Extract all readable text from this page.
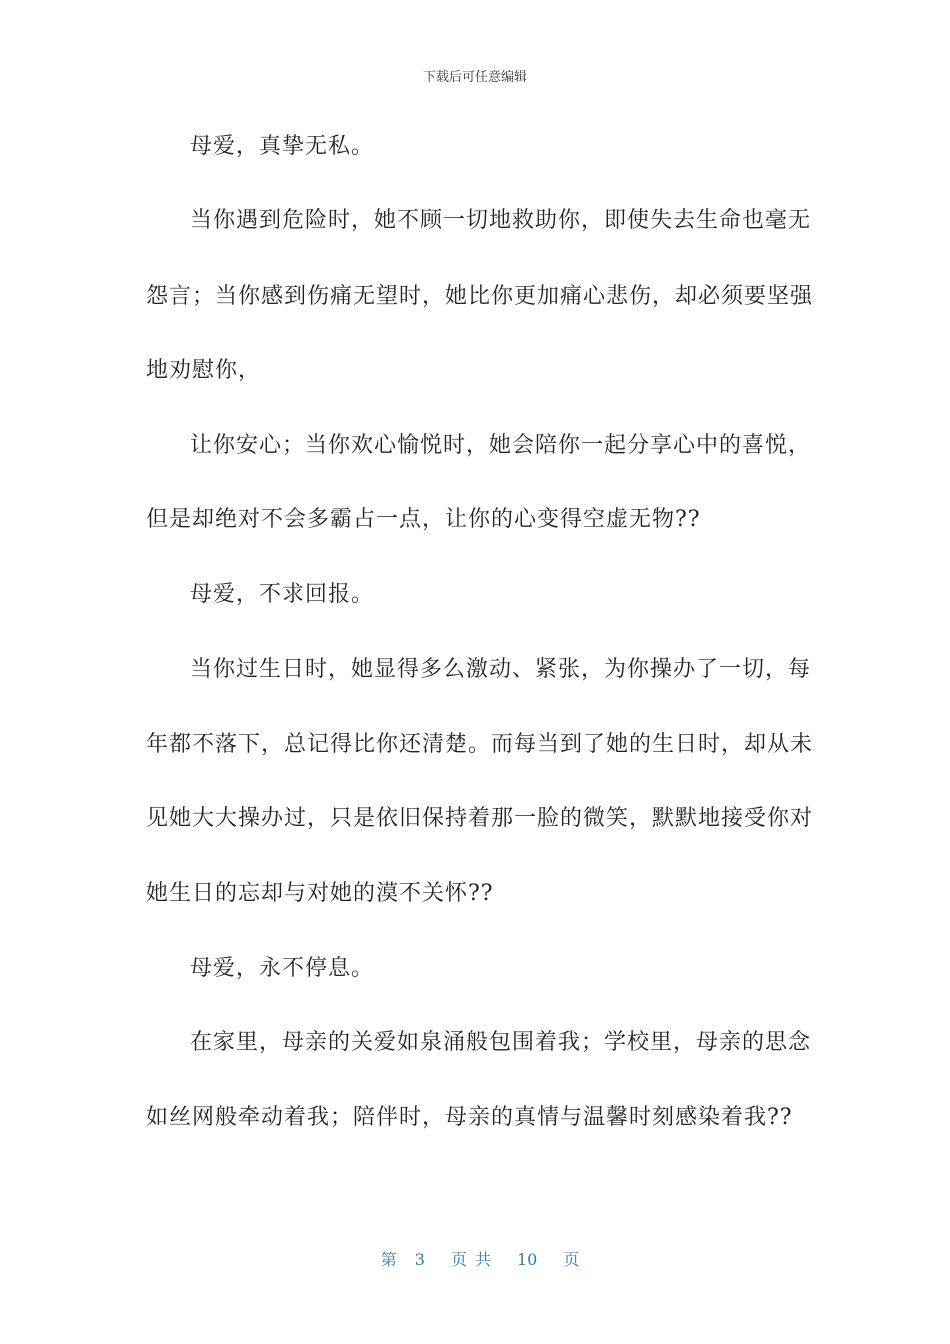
下载后可任意编辑
母爱，真挚无私。
当你遇到危险时，她不顾一切地救助你，即使失去生命也毫无
怨言；当你感到伤痛无望时，她比你更加痛心悲伤，却必须要坚强
地劝慰你，
让你安心；当你欢心愉悦时，她会陪你一起分享心中的喜悦，
但是却绝对不会多霸占一点，让你的心变得空虚无物??
母爱，不求回报。
当你过生日时，她显得多么激动、紧张，为你操办了一切，每
年都不落下，总记得比你还清楚。而每当到了她的生日时，却从未
见她大大操办过，只是依旧保持着那一脸的微笑，默默地接受你对
她生日的忘却与对她的漠不关怀??
母爱，永不停息。
在家里，母亲的关爱如泉涌般包围着我；学校里，母亲的思念
如丝网般牵动着我；陪伴时，母亲的真情与温馨时刻感染着我??

第 3 页共 10 页
